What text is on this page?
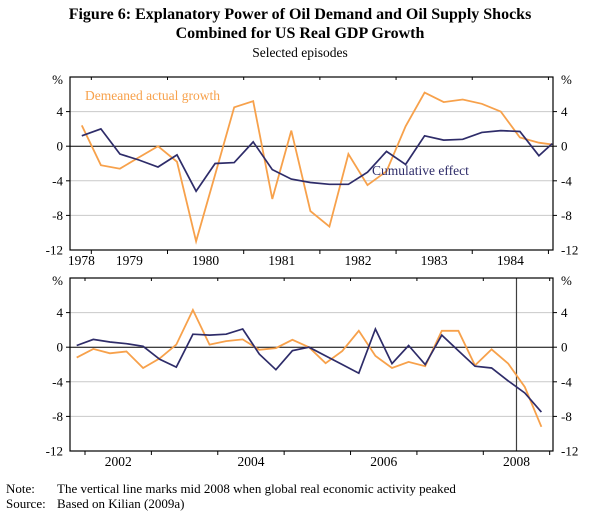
Figure 6: Explanatory Power of Oil Demand and Oil Supply Shocks
Combined for US Real GDP Growth
Selected episodes
Demeaned actual growth
Cumulative effect
4	4
0	0
-4	-4
-8	-8
-12	-12
%	%
1978 1979	1980	1981	1982	1983	1984
4	4
0	0
-4	-4
-8	-8
-12	-12
%	%
2002	2004	2006	2008
Note:	The vertical line marks mid 2008 when global real economic activity peaked
Source: Based on Kilian (2009a)
